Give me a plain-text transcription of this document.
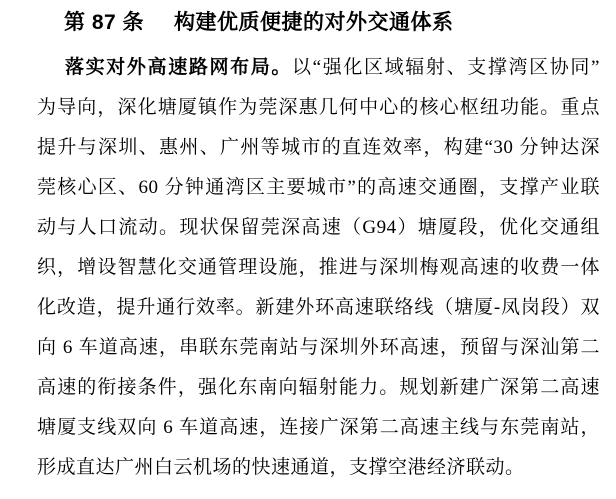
第 87 条 构建优质便捷的对外交通体系
落实对外高速路网布局。以“强化区域辐射、支撑湾区协同”
为导向，深化塘厦镇作为莞深惠几何中心的核心枢纽功能。重点
提升与深圳、惠州、广州等城市的直连效率，构建“30 分钟达深
莞核心区、60 分钟通湾区主要城市”的高速交通圈，支撑产业联
动与人口流动。现状保留莞深高速（G94）塘厦段，优化交通组
织，增设智慧化交通管理设施，推进与深圳梅观高速的收费一体
化改造，提升通行效率。新建外环高速联络线（塘厦-凤岗段）双
向 6 车道高速，串联东莞南站与深圳外环高速，预留与深汕第二
高速的衔接条件，强化东南向辐射能力。规划新建广深第二高速
塘厦支线双向 6 车道高速，连接广深第二高速主线与东莞南站，
形成直达广州白云机场的快速通道，支撑空港经济联动。
